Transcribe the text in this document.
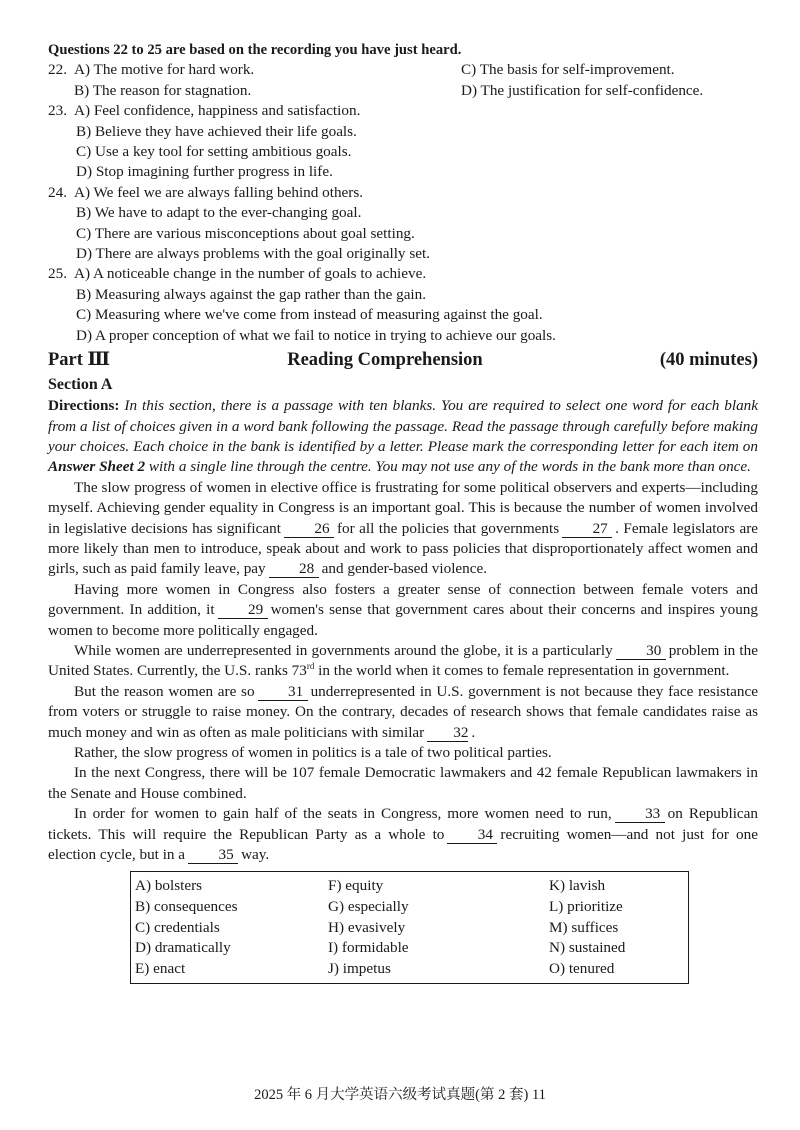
Questions 22 to 25 are based on the recording you have just heard.
22. A) The motive for hard work.	C) The basis for self-improvement.
B) The reason for stagnation.	D) The justification for self-confidence.
23. A) Feel confidence, happiness and satisfaction.
B) Believe they have achieved their life goals.
C) Use a key tool for setting ambitious goals.
D) Stop imagining further progress in life.
24. A) We feel we are always falling behind others.
B) We have to adapt to the ever-changing goal.
C) There are various misconceptions about goal setting.
D) There are always problems with the goal originally set.
25. A) A noticeable change in the number of goals to achieve.
B) Measuring always against the gap rather than the gain.
C) Measuring where we've come from instead of measuring against the goal.
D) A proper conception of what we fail to notice in trying to achieve our goals.
Part Ⅲ	Reading Comprehension	(40 minutes)
Section A
Directions: In this section, there is a passage with ten blanks. You are required to select one word for each blank from a list of choices given in a word bank following the passage. Read the passage through carefully before making your choices. Each choice in the bank is identified by a letter. Please mark the corresponding letter for each item on Answer Sheet 2 with a single line through the centre. You may not use any of the words in the bank more than once.

The slow progress of women in elective office is frustrating for some political observers and experts—including myself. Achieving gender equality in Congress is an important goal. This is because the number of women involved in legislative decisions has significant 26 for all the policies that governments 27 . Female legislators are more likely than men to introduce, speak about and work to pass policies that disproportionately affect women and girls, such as paid family leave, pay 28 and gender-based violence.

Having more women in Congress also fosters a greater sense of connection between female voters and government. In addition, it 29 women's sense that government cares about their concerns and inspires young women to become more politically engaged.

While women are underrepresented in governments around the globe, it is a particularly 30 problem in the United States. Currently, the U.S. ranks 73rd in the world when it comes to female representation in government.

But the reason women are so 31 underrepresented in U.S. government is not because they face resistance from voters or struggle to raise money. On the contrary, decades of research shows that female candidates raise as much money and win as often as male politicians with similar 32 .

Rather, the slow progress of women in politics is a tale of two political parties.

In the next Congress, there will be 107 female Democratic lawmakers and 42 female Republican lawmakers in the Senate and House combined.

In order for women to gain half of the seats in Congress, more women need to run, 33 on Republican tickets. This will require the Republican Party as a whole to 34 recruiting women—and not just for one election cycle, but in a 35 way.

A) bolsters	F) equity	K) lavish
B) consequences	G) especially	L) prioritize
C) credentials	H) evasively	M) suffices
D) dramatically	I) formidable	N) sustained
E) enact	J) impetus	O) tenured
2025 年 6 月大学英语六级考试真题(第 2 套) 11
